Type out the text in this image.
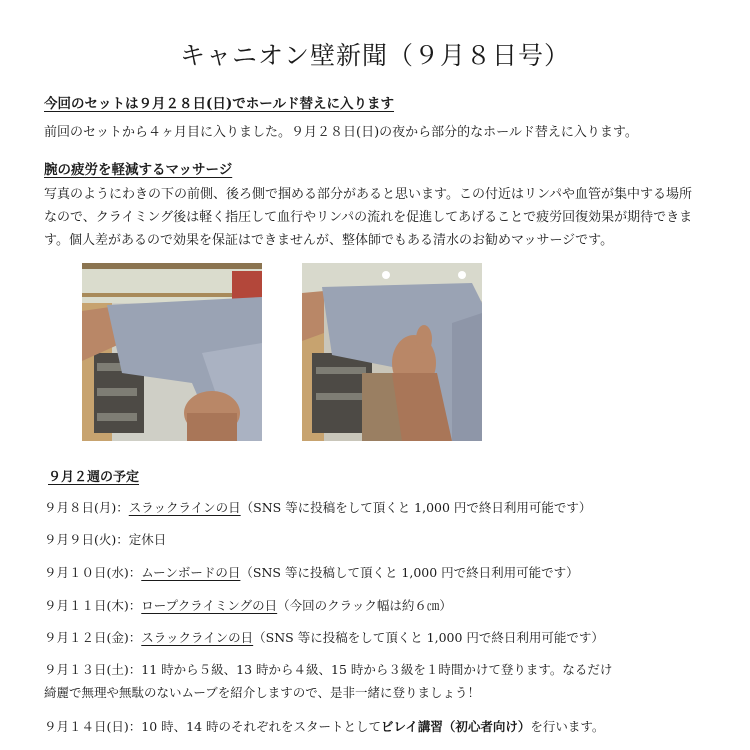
キャニオン壁新聞（９月８日号）
今回のセットは９月２８日(日)でホールド替えに入ります
前回のセットから４ヶ月目に入りました。９月２８日(日)の夜から部分的なホールド替えに入ります。
腕の疲労を軽減するマッサージ
写真のようにわきの下の前側、後ろ側で掴める部分があると思います。この付近はリンパや血管が集中する場所なので、クライミング後は軽く指圧して血行やリンパの流れを促進してあげることで疲労回復効果が期待できます。個人差があるので効果を保証はできませんが、整体師でもある清水のお勧めマッサージです。
９月２週の予定
９月８日(月)：スラックラインの日（SNS 等に投稿をして頂くと 1,000 円で終日利用可能です）
９月９日(火)：定休日
９月１０日(水)：ムーンボードの日（SNS 等に投稿して頂くと 1,000 円で終日利用可能です）
９月１１日(木)：ロープクライミングの日（今回のクラック幅は約６㎝）
９月１２日(金)：スラックラインの日（SNS 等に投稿をして頂くと 1,000 円で終日利用可能です）
９月１３日(土)：11 時から５級、13 時から４級、15 時から３級を１時間かけて登ります。なるだけ
綺麗で無理や無駄のないムーブを紹介しますので、是非一緒に登りましょう！
９月１４日(日)：10 時、14 時のそれぞれをスタートとしてビレイ講習（初心者向け）を行います。
